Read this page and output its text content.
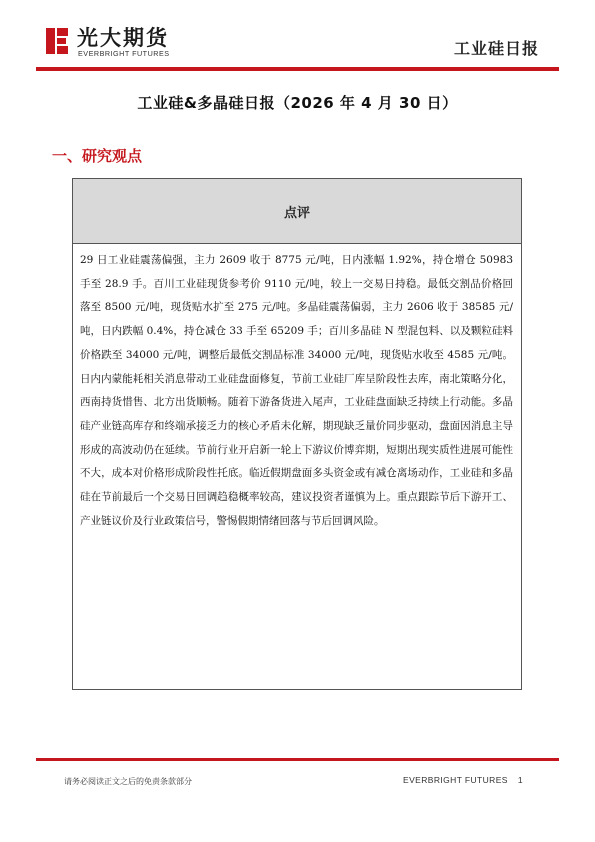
光大期货
EVERBRIGHT FUTURES	工业硅日报
工业硅&多晶硅日报（2026 年 4 月 30 日）
一、研究观点
点评
29 日工业硅震荡偏强，主力 2609 收于 8775 元/吨，日内涨幅 1.92%，持仓增仓 50983 手至 28.9 手。百川工业硅现货参考价 9110 元/吨，较上一交易日持稳。最低交割品价格回落至 8500 元/吨，现货贴水扩至 275 元/吨。多晶硅震荡偏弱，主力 2606 收于 38585 元/吨，日内跌幅 0.4%，持仓减仓 33 手至 65209 手；百川多晶硅 N 型混包料、以及颗粒硅料价格跌至 34000 元/吨，调整后最低交割品标准 34000 元/吨，现货贴水收至 4585 元/吨。日内内蒙能耗相关消息带动工业硅盘面修复，节前工业硅厂库呈阶段性去库，南北策略分化，西南持货惜售、北方出货顺畅。随着下游备货进入尾声，工业硅盘面缺乏持续上行动能。多晶硅产业链高库存和终端承接乏力的核心矛盾未化解，期现缺乏量价同步驱动，盘面因消息主导形成的高波动仍在延续。节前行业开启新一轮上下游议价博弈期，短期出现实质性进展可能性不大，成本对价格形成阶段性托底。临近假期盘面多头资金或有减仓离场动作，工业硅和多晶硅在节前最后一个交易日回调趋稳概率较高，建议投资者谨慎为上。重点跟踪节后下游开工、产业链议价及行业政策信号，警惕假期情绪回落与节后回调风险。
请务必阅读正文之后的免责条款部分	EVERBRIGHT FUTURES 1
